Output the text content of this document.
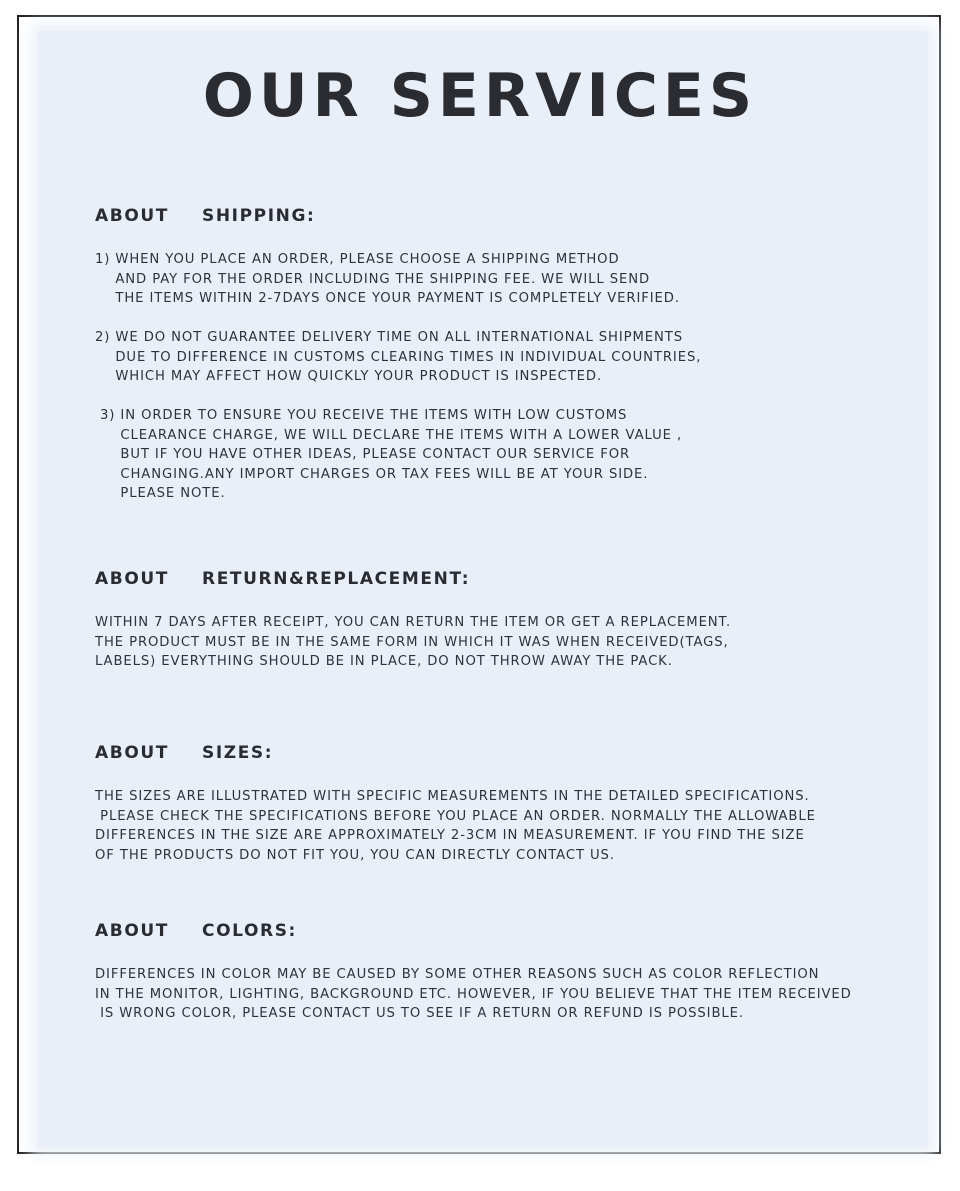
OUR SERVICES
ABOUT SHIPPING:

1) WHEN YOU PLACE AN ORDER, PLEASE CHOOSE A SHIPPING METHOD
AND PAY FOR THE ORDER INCLUDING THE SHIPPING FEE. WE WILL SEND
THE ITEMS WITHIN 2-7DAYS ONCE YOUR PAYMENT IS COMPLETELY VERIFIED.

2) WE DO NOT GUARANTEE DELIVERY TIME ON ALL INTERNATIONAL SHIPMENTS
DUE TO DIFFERENCE IN CUSTOMS CLEARING TIMES IN INDIVIDUAL COUNTRIES,
WHICH MAY AFFECT HOW QUICKLY YOUR PRODUCT IS INSPECTED.

3) IN ORDER TO ENSURE YOU RECEIVE THE ITEMS WITH LOW CUSTOMS
CLEARANCE CHARGE, WE WILL DECLARE THE ITEMS WITH A LOWER VALUE ,
BUT IF YOU HAVE OTHER IDEAS, PLEASE CONTACT OUR SERVICE FOR
CHANGING.ANY IMPORT CHARGES OR TAX FEES WILL BE AT YOUR SIDE.
PLEASE NOTE.

ABOUT RETURN&REPLACEMENT:

WITHIN 7 DAYS AFTER RECEIPT, YOU CAN RETURN THE ITEM OR GET A REPLACEMENT.
THE PRODUCT MUST BE IN THE SAME FORM IN WHICH IT WAS WHEN RECEIVED(TAGS,
LABELS) EVERYTHING SHOULD BE IN PLACE, DO NOT THROW AWAY THE PACK.

ABOUT SIZES:

THE SIZES ARE ILLUSTRATED WITH SPECIFIC MEASUREMENTS IN THE DETAILED SPECIFICATIONS.
PLEASE CHECK THE SPECIFICATIONS BEFORE YOU PLACE AN ORDER. NORMALLY THE ALLOWABLE
DIFFERENCES IN THE SIZE ARE APPROXIMATELY 2-3CM IN MEASUREMENT. IF YOU FIND THE SIZE
OF THE PRODUCTS DO NOT FIT YOU, YOU CAN DIRECTLY CONTACT US.

ABOUT COLORS:

DIFFERENCES IN COLOR MAY BE CAUSED BY SOME OTHER REASONS SUCH AS COLOR REFLECTION
IN THE MONITOR, LIGHTING, BACKGROUND ETC. HOWEVER, IF YOU BELIEVE THAT THE ITEM RECEIVED
IS WRONG COLOR, PLEASE CONTACT US TO SEE IF A RETURN OR REFUND IS POSSIBLE.
